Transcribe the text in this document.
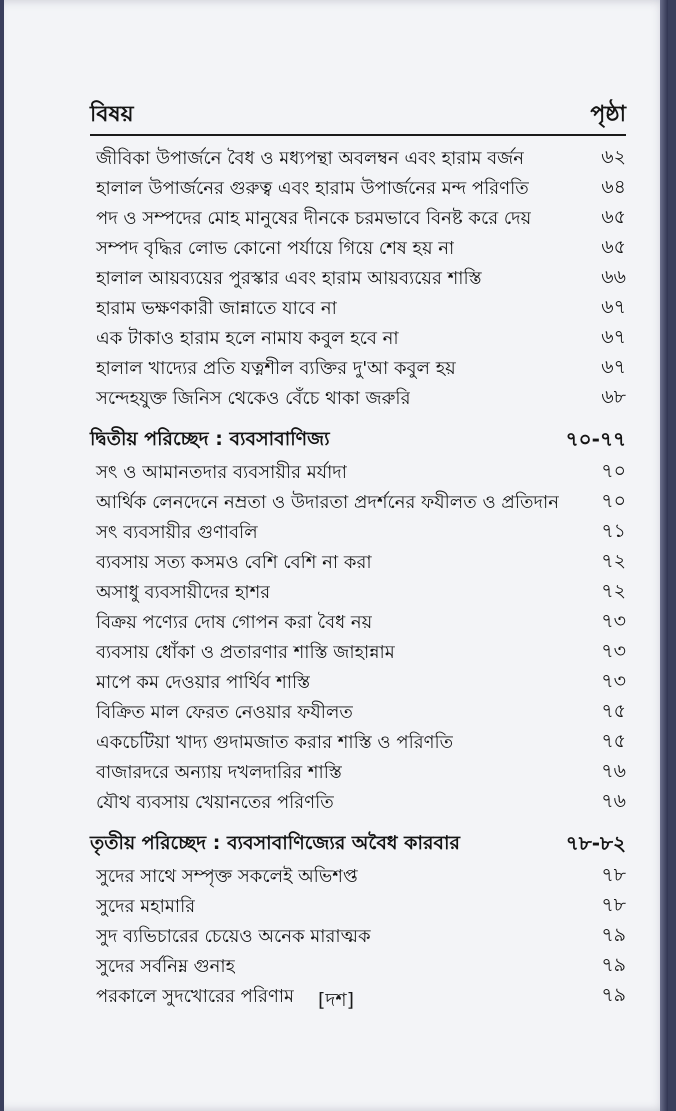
বিষয়	পৃষ্ঠা
জীবিকা উপার্জনে বৈধ ও মধ্যপন্থা অবলম্বন এবং হারাম বর্জন	৬২
হালাল উপার্জনের গুরুত্ব এবং হারাম উপার্জনের মন্দ পরিণতি	৬৪
পদ ও সম্পদের মোহ মানুষের দীনকে চরমভাবে বিনষ্ট করে দেয়	৬৫
সম্পদ বৃদ্ধির লোভ কোনো পর্যায়ে গিয়ে শেষ হয় না	৬৫
হালাল আয়ব্যয়ের পুরস্কার এবং হারাম আয়ব্যয়ের শাস্তি	৬৬
হারাম ভক্ষণকারী জান্নাতে যাবে না	৬৭
এক টাকাও হারাম হলে নামায কবুল হবে না	৬৭
হালাল খাদ্যের প্রতি যত্নশীল ব্যক্তির দু'আ কবুল হয়	৬৭
সন্দেহযুক্ত জিনিস থেকেও বেঁচে থাকা জরুরি	৬৮
দ্বিতীয় পরিচ্ছেদ : ব্যবসাবাণিজ্য	৭০-৭৭
সৎ ও আমানতদার ব্যবসায়ীর মর্যাদা	৭০
আর্থিক লেনদেনে নম্রতা ও উদারতা প্রদর্শনের ফযীলত ও প্রতিদান	৭০
সৎ ব্যবসায়ীর গুণাবলি	৭১
ব্যবসায় সত্য কসমও বেশি বেশি না করা	৭২
অসাধু ব্যবসায়ীদের হাশর	৭২
বিক্রয় পণ্যের দোষ গোপন করা বৈধ নয়	৭৩
ব্যবসায় ধোঁকা ও প্রতারণার শাস্তি জাহান্নাম	৭৩
মাপে কম দেওয়ার পার্থিব শাস্তি	৭৩
বিক্রিত মাল ফেরত নেওয়ার ফযীলত	৭৫
একচেটিয়া খাদ্য গুদামজাত করার শাস্তি ও পরিণতি	৭৫
বাজারদরে অন্যায় দখলদারির শাস্তি	৭৬
যৌথ ব্যবসায় খেয়ানতের পরিণতি	৭৬
তৃতীয় পরিচ্ছেদ : ব্যবসাবাণিজ্যের অবৈধ কারবার	৭৮-৮২
সুদের সাথে সম্পৃক্ত সকলেই অভিশপ্ত	৭৮
সুদের মহামারি	৭৮
সুদ ব্যভিচারের চেয়েও অনেক মারাত্মক	৭৯
সুদের সর্বনিম্ন গুনাহ	৭৯
পরকালে সুদখোরের পরিণাম	৭৯
[দশ]
